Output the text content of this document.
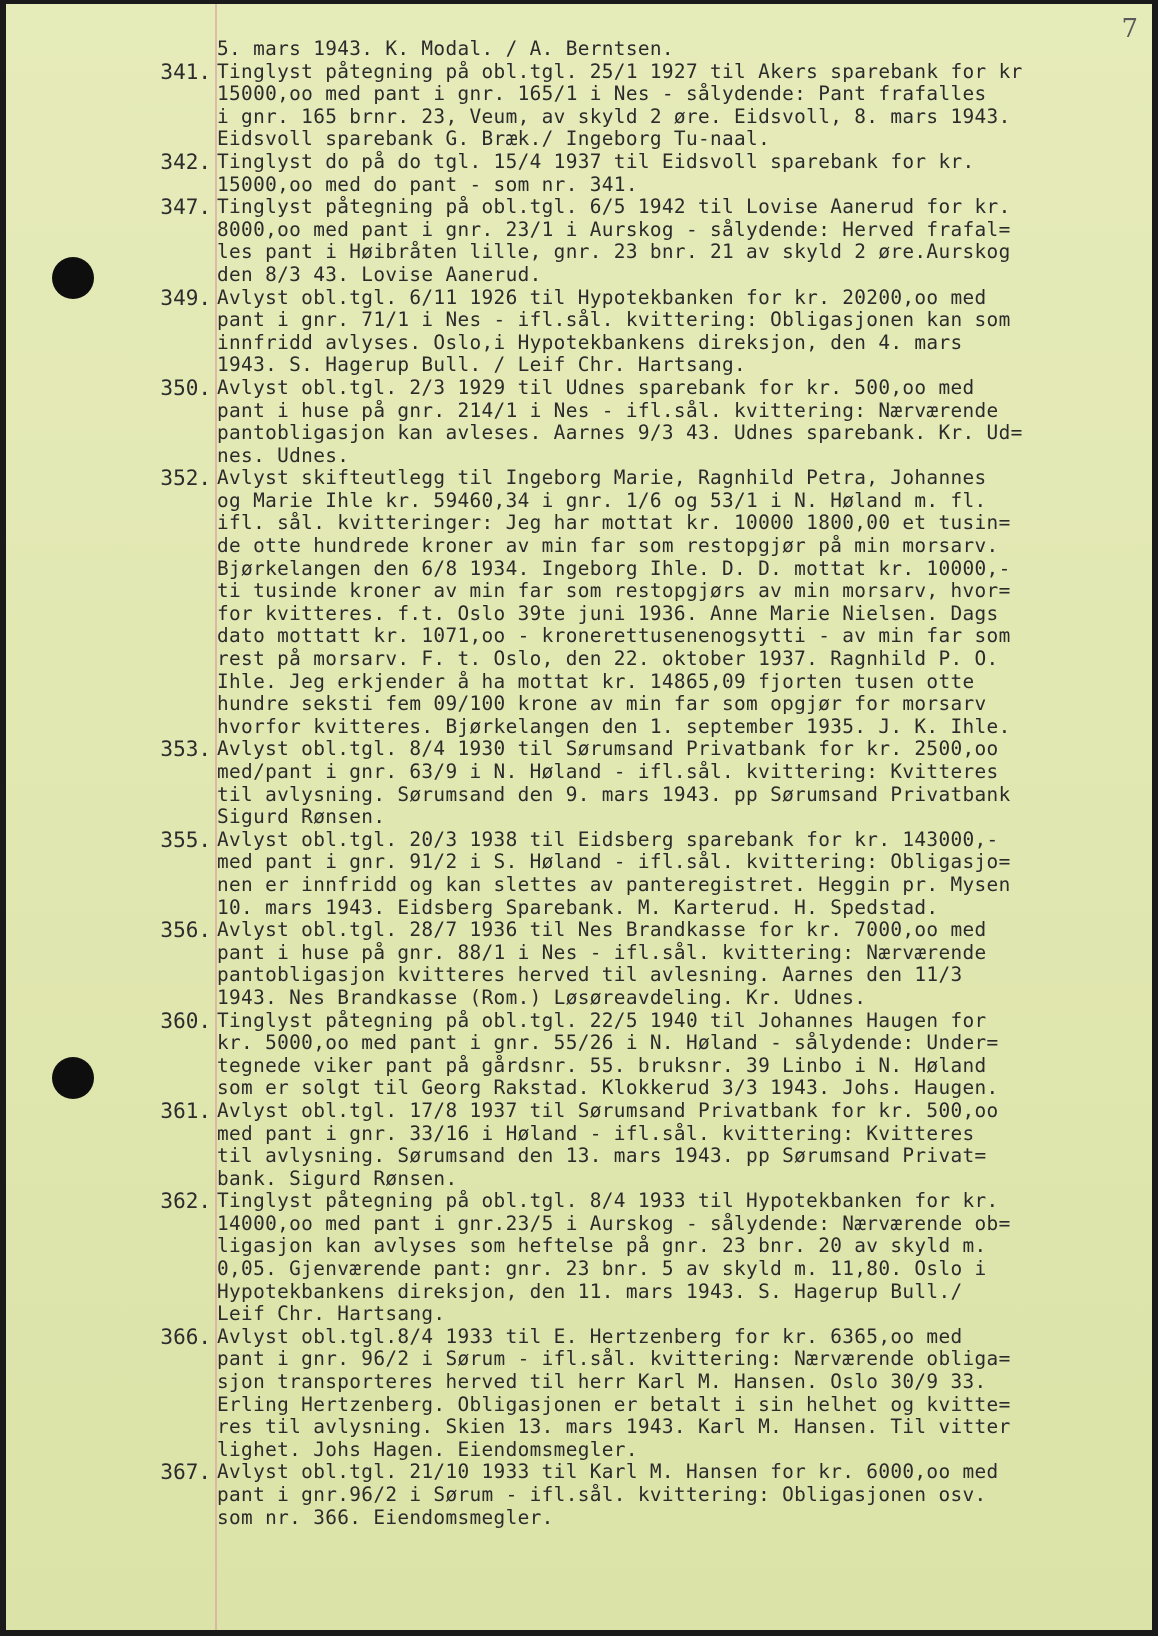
7
5. mars 1943. K. Modal. / A. Berntsen.
341. Tinglyst påtegning på obl.tgl. 25/1 1927 til Akers sparebank for kr
15000,oo med pant i gnr. 165/1 i Nes - sålydende: Pant frafalles
i gnr. 165 brnr. 23, Veum, av skyld 2 øre. Eidsvoll, 8. mars 1943.
Eidsvoll sparebank G. Bræk./ Ingeborg Tu-naal.
342. Tinglyst do på do tgl. 15/4 1937 til Eidsvoll sparebank for kr.
15000,oo med do pant - som nr. 341.
347. Tinglyst påtegning på obl.tgl. 6/5 1942 til Lovise Aanerud for kr.
8000,oo med pant i gnr. 23/1 i Aurskog - sålydende: Herved frafal=
les pant i Høibråten lille, gnr. 23 bnr. 21 av skyld 2 øre.Aurskog
den 8/3 43. Lovise Aanerud.
349. Avlyst obl.tgl. 6/11 1926 til Hypotekbanken for kr. 20200,oo med
pant i gnr. 71/1 i Nes - ifl.sål. kvittering: Obligasjonen kan som
innfridd avlyses. Oslo,i Hypotekbankens direksjon, den 4. mars
1943. S. Hagerup Bull. / Leif Chr. Hartsang.
350. Avlyst obl.tgl. 2/3 1929 til Udnes sparebank for kr. 500,oo med
pant i huse på gnr. 214/1 i Nes - ifl.sål. kvittering: Nærværende
pantobligasjon kan avleses. Aarnes 9/3 43. Udnes sparebank. Kr. Ud=
nes. Udnes.
352. Avlyst skifteutlegg til Ingeborg Marie, Ragnhild Petra, Johannes
og Marie Ihle kr. 59460,34 i gnr. 1/6 og 53/1 i N. Høland m. fl.
ifl. sål. kvitteringer: Jeg har mottat kr. 10000 1800,00 et tusin=
de otte hundrede kroner av min far som restopgjør på min morsarv.
Bjørkelangen den 6/8 1934. Ingeborg Ihle. D. D. mottat kr. 10000,-
ti tusinde kroner av min far som restopgjørs av min morsarv, hvor=
for kvitteres. f.t. Oslo 39te juni 1936. Anne Marie Nielsen. Dags
dato mottatt kr. 1071,oo - kronerettusenenogsytti - av min far som
rest på morsarv. F. t. Oslo, den 22. oktober 1937. Ragnhild P. O.
Ihle. Jeg erkjender å ha mottat kr. 14865,09 fjorten tusen otte
hundre seksti fem 09/100 krone av min far som opgjør for morsarv
hvorfor kvitteres. Bjørkelangen den 1. september 1935. J. K. Ihle.
353. Avlyst obl.tgl. 8/4 1930 til Sørumsand Privatbank for kr. 2500,oo
med/pant i gnr. 63/9 i N. Høland - ifl.sål. kvittering: Kvitteres
til avlysning. Sørumsand den 9. mars 1943. pp Sørumsand Privatbank
Sigurd Rønsen.
355. Avlyst obl.tgl. 20/3 1938 til Eidsberg sparebank for kr. 143000,-
med pant i gnr. 91/2 i S. Høland - ifl.sål. kvittering: Obligasjo=
nen er innfridd og kan slettes av panteregistret. Heggin pr. Mysen
10. mars 1943. Eidsberg Sparebank. M. Karterud. H. Spedstad.
356. Avlyst obl.tgl. 28/7 1936 til Nes Brandkasse for kr. 7000,oo med
pant i huse på gnr. 88/1 i Nes - ifl.sål. kvittering: Nærværende
pantobligasjon kvitteres herved til avlesning. Aarnes den 11/3
1943. Nes Brandkasse (Rom.) Løsøreavdeling. Kr. Udnes.
360. Tinglyst påtegning på obl.tgl. 22/5 1940 til Johannes Haugen for
kr. 5000,oo med pant i gnr. 55/26 i N. Høland - sålydende: Under=
tegnede viker pant på gårdsnr. 55. bruksnr. 39 Linbo i N. Høland
som er solgt til Georg Rakstad. Klokkerud 3/3 1943. Johs. Haugen.
361. Avlyst obl.tgl. 17/8 1937 til Sørumsand Privatbank for kr. 500,oo
med pant i gnr. 33/16 i Høland - ifl.sål. kvittering: Kvitteres
til avlysning. Sørumsand den 13. mars 1943. pp Sørumsand Privat=
bank. Sigurd Rønsen.
362. Tinglyst påtegning på obl.tgl. 8/4 1933 til Hypotekbanken for kr.
14000,oo med pant i gnr.23/5 i Aurskog - sålydende: Nærværende ob=
ligasjon kan avlyses som heftelse på gnr. 23 bnr. 20 av skyld m.
0,05. Gjenværende pant: gnr. 23 bnr. 5 av skyld m. 11,80. Oslo i
Hypotekbankens direksjon, den 11. mars 1943. S. Hagerup Bull./
Leif Chr. Hartsang.
366. Avlyst obl.tgl.8/4 1933 til E. Hertzenberg for kr. 6365,oo med
pant i gnr. 96/2 i Sørum - ifl.sål. kvittering: Nærværende obliga=
sjon transporteres herved til herr Karl M. Hansen. Oslo 30/9 33.
Erling Hertzenberg. Obligasjonen er betalt i sin helhet og kvitte=
res til avlysning. Skien 13. mars 1943. Karl M. Hansen. Til vitter
lighet. Johs Hagen. Eiendomsmegler.
367. Avlyst obl.tgl. 21/10 1933 til Karl M. Hansen for kr. 6000,oo med
pant i gnr.96/2 i Sørum - ifl.sål. kvittering: Obligasjonen osv.
som nr. 366. Eiendomsmegler.
